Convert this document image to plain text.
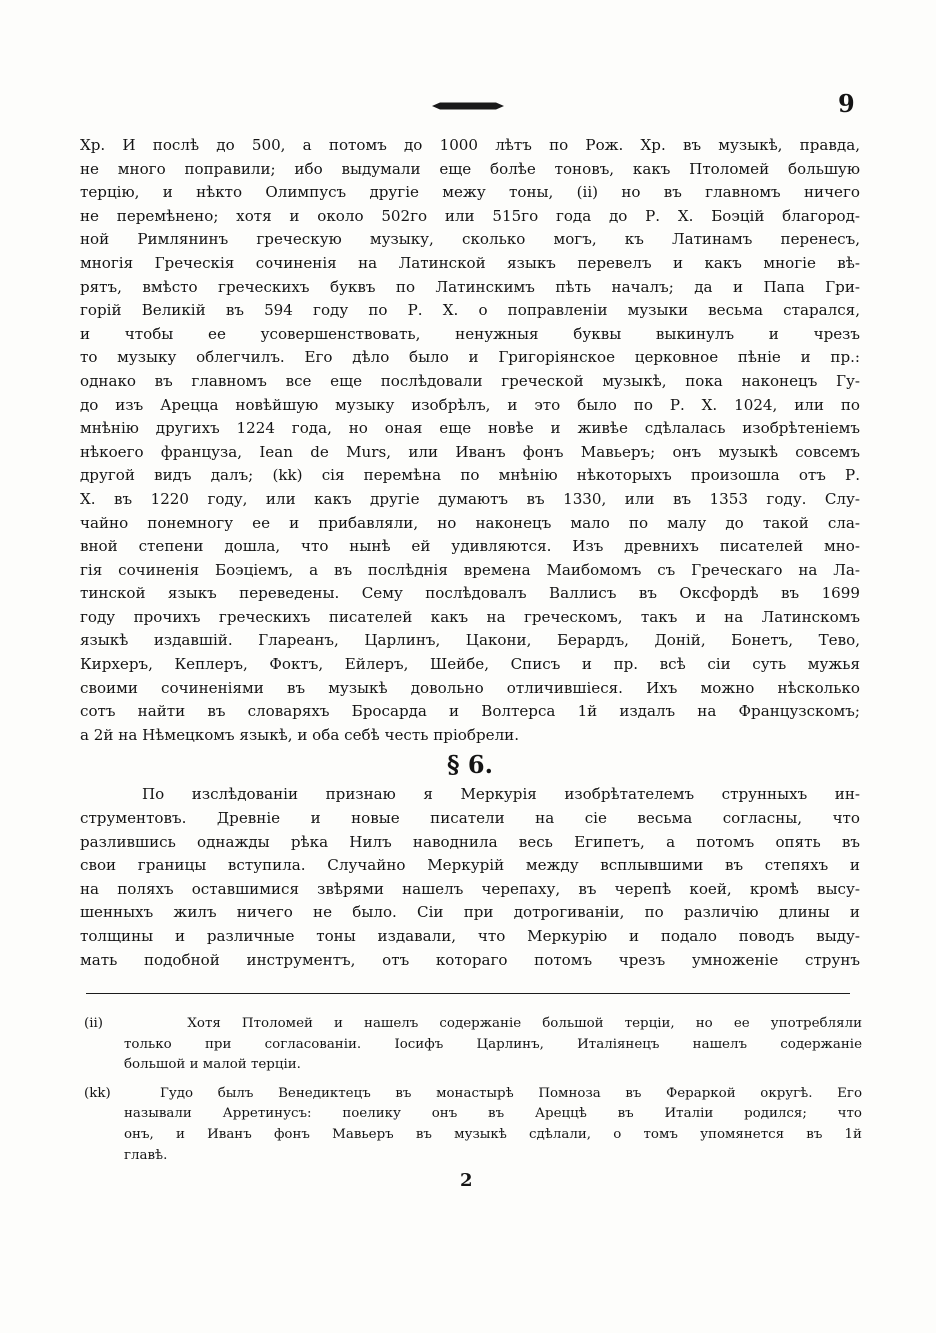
9
Хр. И послѣ до 500, а потомъ до 1000 лѣтъ по Рож. Хр. въ музыкѣ, правда,
не много поправили; ибо выдумали еще болѣе тоновъ, какъ Птоломей большую
терцію, и нѣкто Олимпусъ другіе межу тоны, (ii) но въ главномъ ничего
не перемѣнено; хотя и около 502го или 515го года до Р. Х. Боэцій благород-
ной Римлянинъ греческую музыку, сколько могъ, къ Латинамъ перенесъ,
многія Греческія сочиненія на Латинской языкъ перевелъ и какъ многіе вѣ-
рятъ, вмѣсто греческихъ буквъ по Латинскимъ пѣть началъ; да и Папа Гри-
горій Великій въ 594 году по Р. Х. о поправленіи музыки весьма старался,
и чтобы ее усовершенствовать, ненужныя буквы выкинулъ и чрезъ
то музыку облегчилъ. Его дѣло было и Григоріянское церковное пѣніе и пр.:
однако въ главномъ все еще послѣдовали греческой музыкѣ, пока наконецъ Гу-
до изъ Арецца новѣйшую музыку изобрѣлъ, и это было по Р. Х. 1024, или по
мнѣнію другихъ 1224 года, но оная еще новѣе и живѣе сдѣлалась изобрѣтеніемъ
нѣкоего француза, Iean de Murs, или Иванъ фонъ Мавьеръ; онъ музыкѣ совсемъ
другой видъ далъ; (kk) сія перемѣна по мнѣнію нѣкоторыхъ произошла отъ Р.
Х. въ 1220 году, или какъ другіе думаютъ въ 1330, или въ 1353 году. Слу-
чайно понемногу ее и прибавляли, но наконецъ мало по малу до такой сла-
вной степени дошла, что нынѣ ей удивляются. Изъ древнихъ писателей мно-
гія сочиненія Боэціемъ, а въ послѣднія времена Маибомомъ съ Греческаго на Ла-
тинской языкъ переведены. Сему послѣдовалъ Валлисъ въ Оксфордѣ въ 1699
году прочихъ греческихъ писателей какъ на греческомъ, такъ и на Латинскомъ
языкѣ издавшій. Глареанъ, Царлинъ, Цакони, Берардъ, Доній, Бонетъ, Тево,
Кирхеръ, Кеплеръ, Фоктъ, Ейлеръ, Шейбе, Списъ и пр. всѣ сіи суть мужья
своими сочиненіями въ музыкѣ довольно отличившіеся. Ихъ можно нѣсколько
сотъ найти въ словаряхъ Бросарда и Волтерса 1й издалъ на Французскомъ;
а 2й на Нѣмецкомъ языкѣ, и оба себѣ честь пріобрели.
§ 6.
По изслѣдованіи признаю я Меркурія изобрѣтателемъ струнныхъ ин-
струментовъ. Древніе и новые писатели на сіе весьма согласны, что
разлившись однажды рѣка Нилъ наводнила весь Египетъ, а потомъ опять въ
свои границы вступила. Случайно Меркурій между всплывшими въ степяхъ и
на поляхъ оставшимися звѣрями нашелъ черепаху, въ черепѣ коей, кромѣ высу-
шенныхъ жилъ ничего не было. Сіи при дотрогиваніи, по различію длины и
толщины и различные тоны издавали, что Меркурію и подало поводъ выду-
мать подобной инструментъ, отъ котораго потомъ чрезъ умноженіе струнъ
(ii)	Хотя Птоломей и нашелъ содержаніе большой терціи, но ее употребляли
только при согласованіи. Іосифъ Царлинъ, Италіянецъ нашелъ содержаніе
большой и малой терціи.
(kk)	Гудо былъ Венедиктецъ въ монастырѣ Помноза въ Фераркой округѣ. Его
называли Арретинусъ: поелику онъ въ Ареццѣ въ Италіи родился; что
онъ, и Иванъ фонъ Мавьеръ въ музыкѣ сдѣлали, о томъ упомянется въ 1й
главѣ.
2
